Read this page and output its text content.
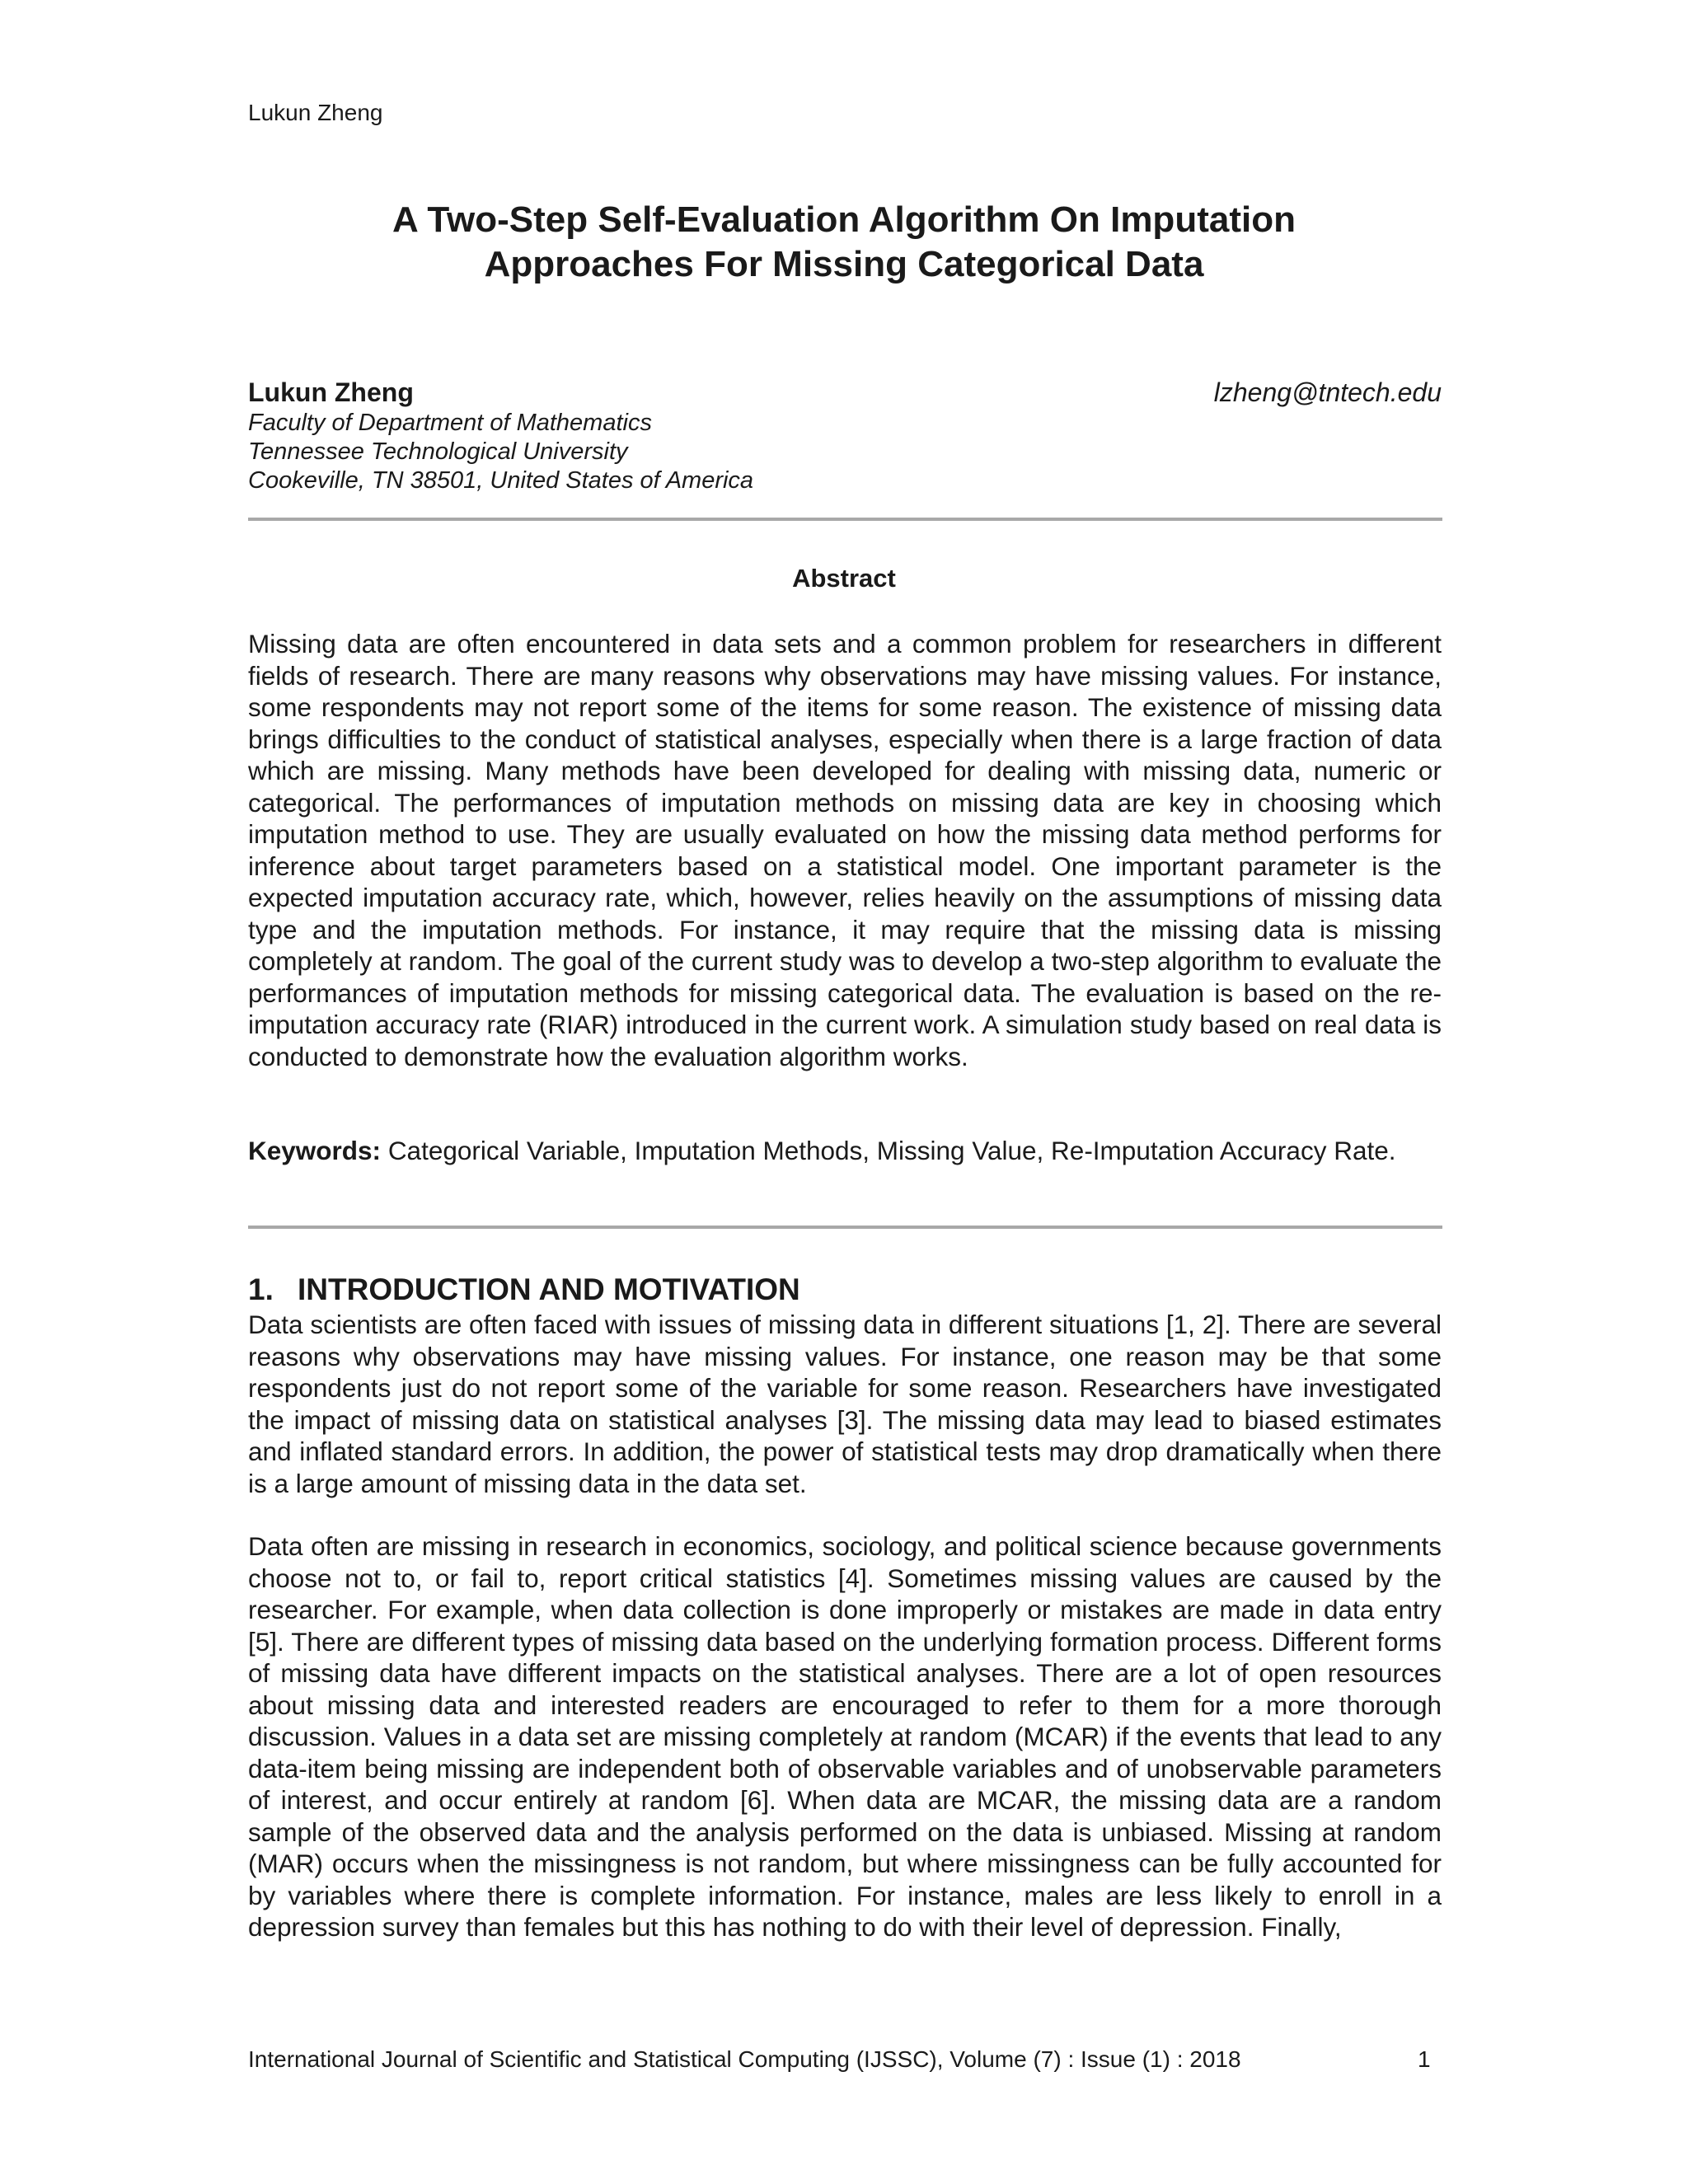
Lukun Zheng

A Two-Step Self-Evaluation Algorithm On Imputation
Approaches For Missing Categorical Data

Lukun Zheng	lzheng@tntech.edu

Faculty of Department of Mathematics

Tennessee Technological University

Cookeville, TN 38501, United States of America

Abstract

Missing data are often encountered in data sets and a common problem for researchers in different fields of research. There are many reasons why observations may have missing values. For instance, some respondents may not report some of the items for some reason. The existence of missing data brings difficulties to the conduct of statistical analyses, especially when there is a large fraction of data which are missing. Many methods have been developed for dealing with missing data, numeric or categorical. The performances of imputation methods on missing data are key in choosing which imputation method to use. They are usually evaluated on how the missing data method performs for inference about target parameters based on a statistical model. One important parameter is the expected imputation accuracy rate, which, however, relies heavily on the assumptions of missing data type and the imputation methods. For instance, it may require that the missing data is missing completely at random. The goal of the current study was to develop a two-step algorithm to evaluate the performances of imputation methods for missing categorical data. The evaluation is based on the re-imputation accuracy rate (RIAR) introduced in the current work. A simulation study based on real data is conducted to demonstrate how the evaluation algorithm works.

Keywords: Categorical Variable, Imputation Methods, Missing Value, Re-Imputation Accuracy Rate.

1. INTRODUCTION AND MOTIVATION

Data scientists are often faced with issues of missing data in different situations [1, 2]. There are several reasons why observations may have missing values. For instance, one reason may be that some respondents just do not report some of the variable for some reason. Researchers have investigated the impact of missing data on statistical analyses [3]. The missing data may lead to biased estimates and inflated standard errors. In addition, the power of statistical tests may drop dramatically when there is a large amount of missing data in the data set.

Data often are missing in research in economics, sociology, and political science because governments choose not to, or fail to, report critical statistics [4]. Sometimes missing values are caused by the researcher. For example, when data collection is done improperly or mistakes are made in data entry [5]. There are different types of missing data based on the underlying formation process. Different forms of missing data have different impacts on the statistical analyses. There are a lot of open resources about missing data and interested readers are encouraged to refer to them for a more thorough discussion. Values in a data set are missing completely at random (MCAR) if the events that lead to any data-item being missing are independent both of observable variables and of unobservable parameters of interest, and occur entirely at random [6]. When data are MCAR, the missing data are a random sample of the observed data and the analysis performed on the data is unbiased. Missing at random (MAR) occurs when the missingness is not random, but where missingness can be fully accounted for by variables where there is complete information. For instance, males are less likely to enroll in a depression survey than females but this has nothing to do with their level of depression. Finally,

International Journal of Scientific and Statistical Computing (IJSSC), Volume (7) : Issue (1) : 2018	1
